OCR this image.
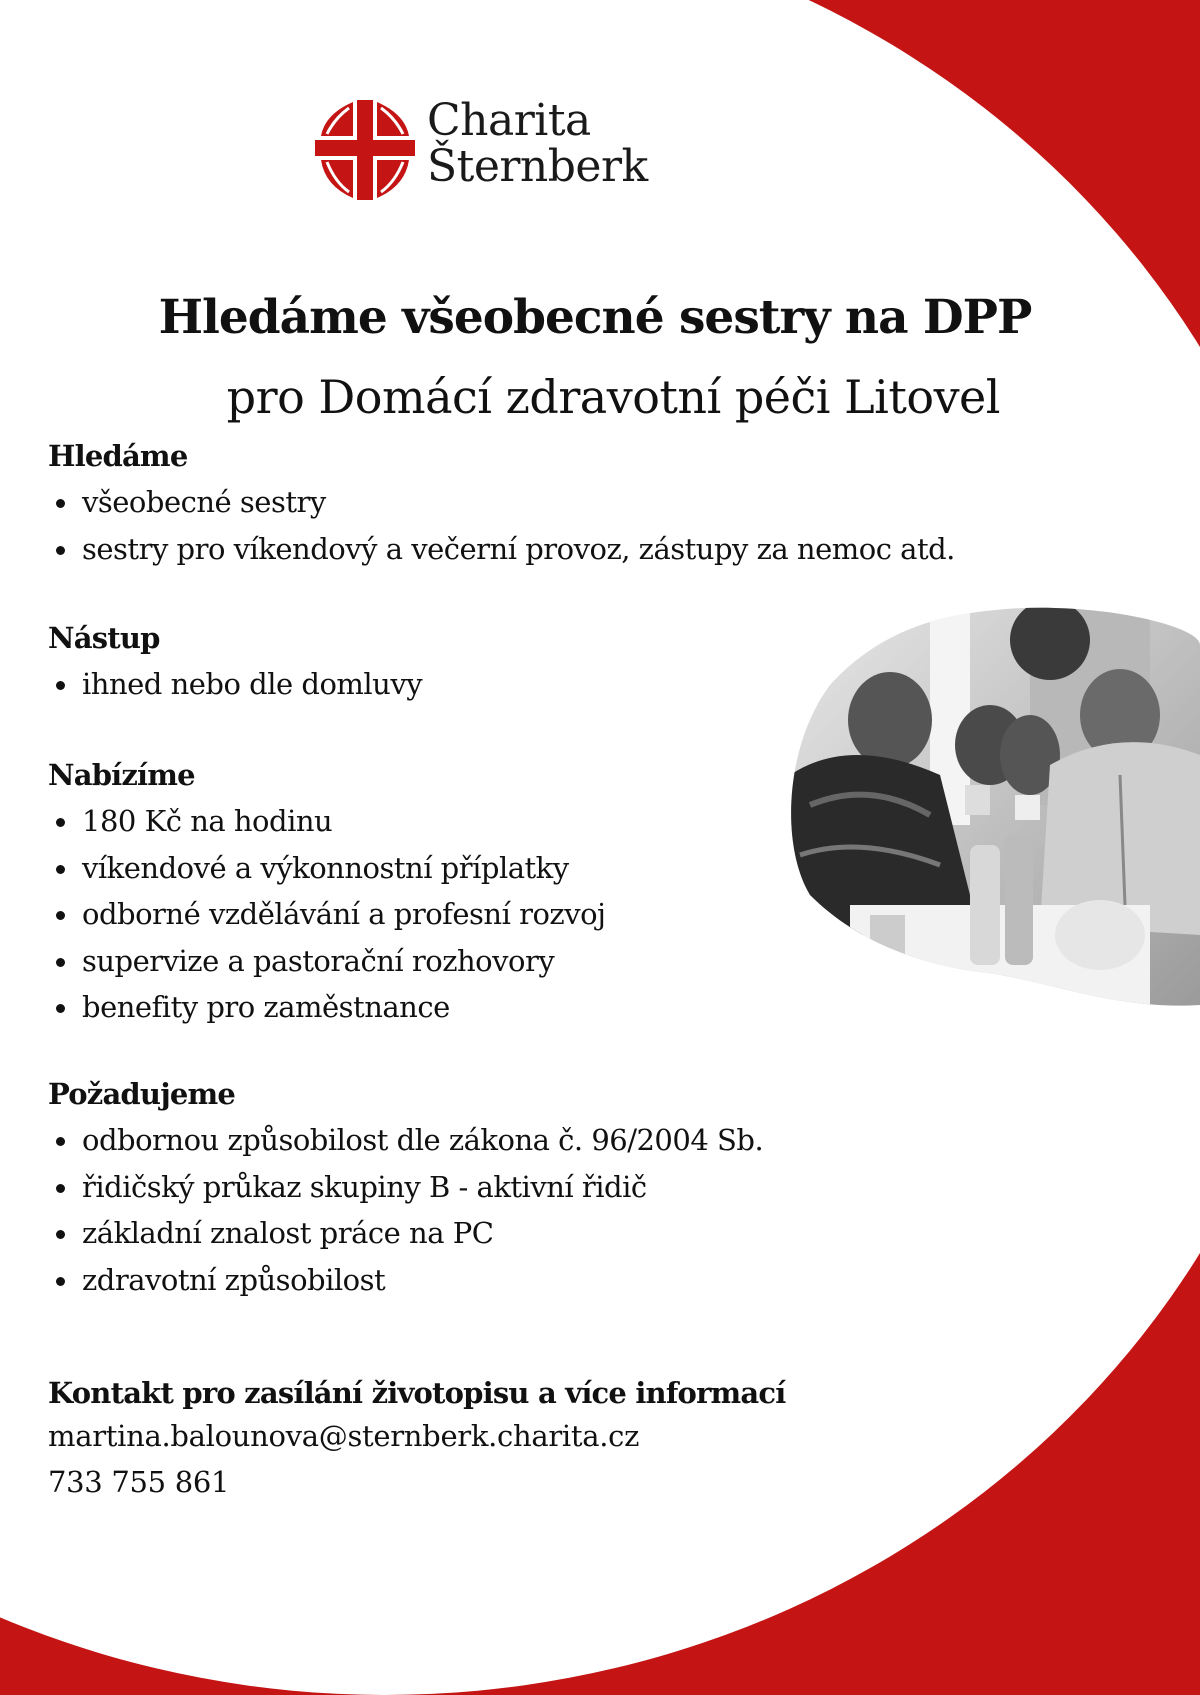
Charita
Šternberk
Hledáme všeobecné sestry na DPP
pro Domácí zdravotní péči Litovel
Hledáme
všeobecné sestry
sestry pro víkendový a večerní provoz, zástupy za nemoc atd.
Nástup
ihned nebo dle domluvy
Nabízíme
180 Kč na hodinu
víkendové a výkonnostní příplatky
odborné vzdělávání a profesní rozvoj
supervize a pastorační rozhovory
benefity pro zaměstnance
Požadujeme
odbornou způsobilost dle zákona č. 96/2004 Sb.
řidičský průkaz skupiny B - aktivní řidič
základní znalost práce na PC
zdravotní způsobilost
Kontakt pro zasílání životopisu a více informací

martina.balounova@sternberk.charita.cz

733 755 861
